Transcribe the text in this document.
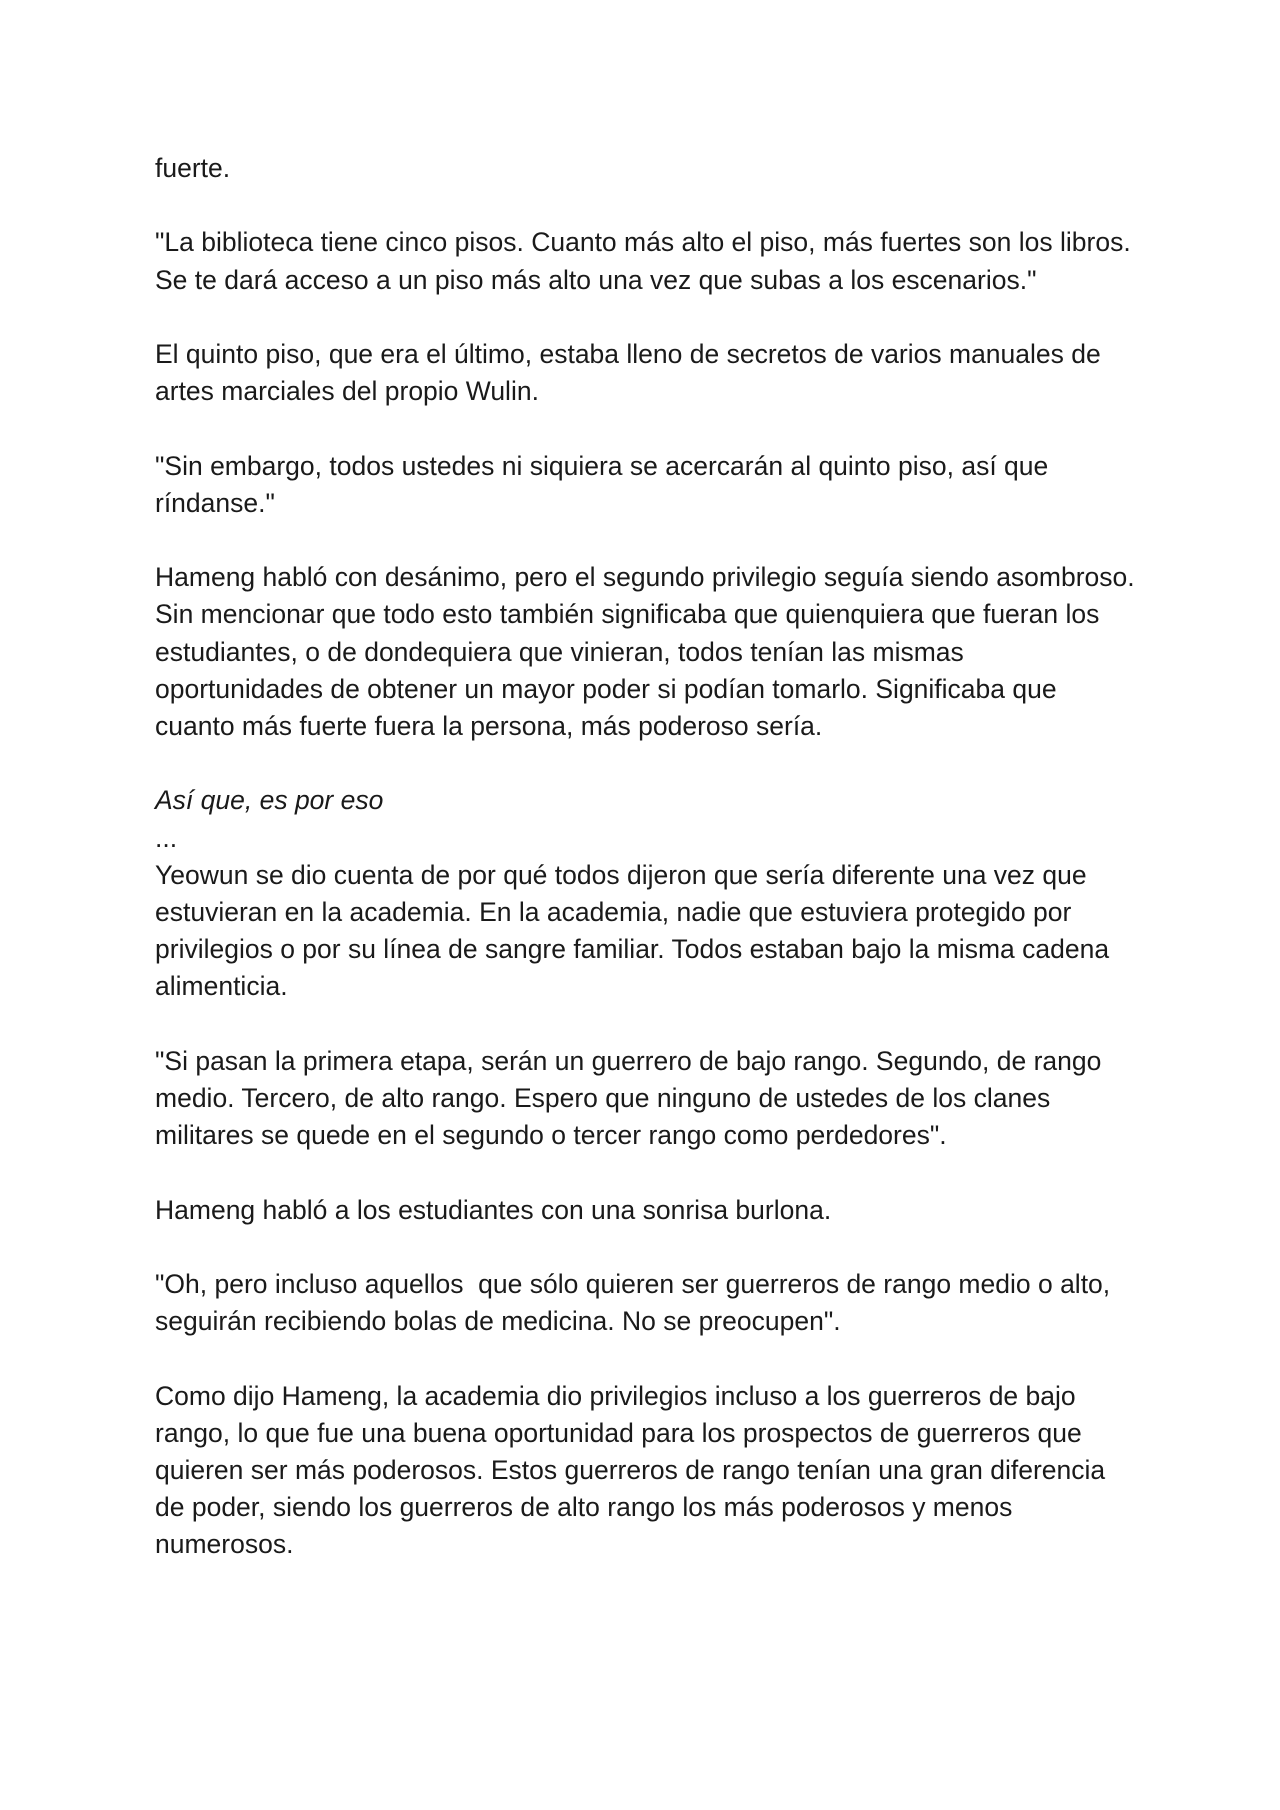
fuerte.

"La biblioteca tiene cinco pisos. Cuanto más alto el piso, más fuertes son los libros. Se te dará acceso a un piso más alto una vez que subas a los escenarios."

El quinto piso, que era el último, estaba lleno de secretos de varios manuales de artes marciales del propio Wulin.

"Sin embargo, todos ustedes ni siquiera se acercarán al quinto piso, así que ríndanse."

Hameng habló con desánimo, pero el segundo privilegio seguía siendo asombroso. Sin mencionar que todo esto también significaba que quienquiera que fueran los estudiantes, o de dondequiera que vinieran, todos tenían las mismas oportunidades de obtener un mayor poder si podían tomarlo. Significaba que cuanto más fuerte fuera la persona, más poderoso sería.

Así que, es por eso

...

Yeowun se dio cuenta de por qué todos dijeron que sería diferente una vez que estuvieran en la academia. En la academia, nadie que estuviera protegido por privilegios o por su línea de sangre familiar. Todos estaban bajo la misma cadena alimenticia.

"Si pasan la primera etapa, serán un guerrero de bajo rango. Segundo, de rango medio. Tercero, de alto rango. Espero que ninguno de ustedes de los clanes militares se quede en el segundo o tercer rango como perdedores".

Hameng habló a los estudiantes con una sonrisa burlona.

"Oh, pero incluso aquellos  que sólo quieren ser guerreros de rango medio o alto, seguirán recibiendo bolas de medicina. No se preocupen".

Como dijo Hameng, la academia dio privilegios incluso a los guerreros de bajo rango, lo que fue una buena oportunidad para los prospectos de guerreros que quieren ser más poderosos. Estos guerreros de rango tenían una gran diferencia de poder, siendo los guerreros de alto rango los más poderosos y menos numerosos.
